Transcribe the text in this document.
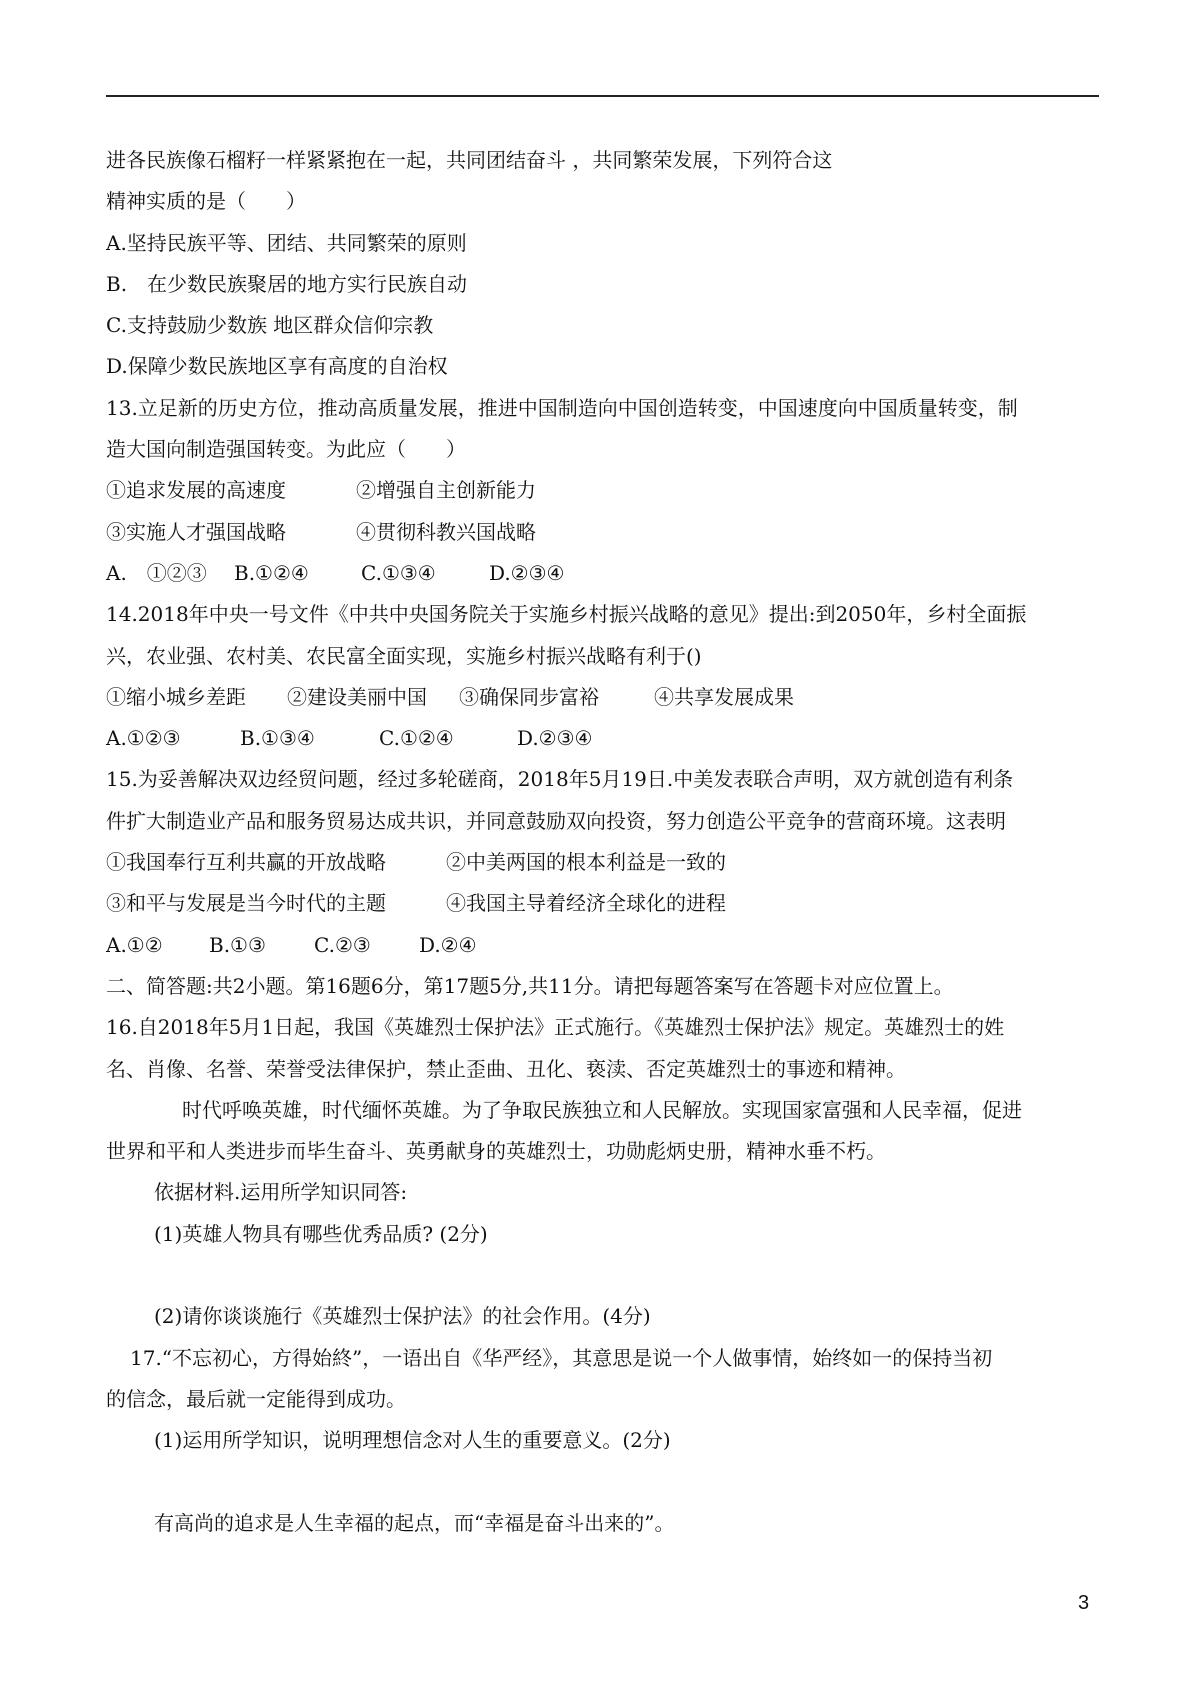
进各民族像石榴籽一样紧紧抱在一起，共同团结奋斗 ，共同繁荣发展，下列符合这
精神实质的是（　　）
A.坚持民族平等、团结、共同繁荣的原则
B.　在少数民族聚居的地方实行民族自动
C.支持鼓励少数族 地区群众信仰宗教
D.保障少数民族地区享有高度的自治权
13.立足新的历史方位，推动高质量发展，推进中国制造向中国创造转变，中国速度向中国质量转变，制
造大国向制造强国转变。为此应（　　）
①追求发展的高速度	②增强自主创新能力
③实施人才强国战略	④贯彻科教兴国战略
A.　①②③ B.①②④	C.①③④	D.②③④
14.2018年中央一号文件《中共中央国务院关于实施乡村振兴战略的意见》提出:到2050年，乡村全面振
兴，农业强、农村美、农民富全面实现，实施乡村振兴战略有利于()
①缩小城乡差距 ②建设美丽中国 ③确保同步富裕	④共享发展成果
A.①②③	B.①③④	C.①②④	D.②③④
15.为妥善解决双边经贸问题，经过多轮磋商，2018年5月19日.中美发表联合声明，双方就创造有利条
件扩大制造业产品和服务贸易达成共识，并同意鼓励双向投资，努力创造公平竞争的营商环境。这表明
①我国奉行互利共赢的开放战略	②中美两国的根本利益是一致的
③和平与发展是当今时代的主题	④我国主导着经济全球化的进程
A.①② B.①③ C.②③ D.②④
二、简答题:共2小题。第16题6分，第17题5分,共11分。请把每题答案写在答题卡对应位置上。
16.自2018年5月1日起，我国《英雄烈士保护法》正式施行。《英雄烈士保护法》规定。英雄烈士的姓
名、肖像、名誉、荣誉受法律保护，禁止歪曲、丑化、亵渎、否定英雄烈士的事迹和精神。
时代呼唤英雄，时代缅怀英雄。为了争取民族独立和人民解放。实现国家富强和人民幸福，促进
世界和平和人类进步而毕生奋斗、英勇献身的英雄烈士，功勋彪炳史册，精神水垂不朽。
依据材料.运用所学知识同答:
(1)英雄人物具有哪些优秀品质? (2分)
(2)请你谈谈施行《英雄烈士保护法》的社会作用。(4分)
17.“不忘初心，方得始終”，一语出自《华严经》，其意思是说一个人做事情，始终如一的保持当初
的信念，最后就一定能得到成功。
(1)运用所学知识，说明理想信念对人生的重要意义。(2分)
有高尚的追求是人生幸福的起点，而“幸福是奋斗出来的”。
3
